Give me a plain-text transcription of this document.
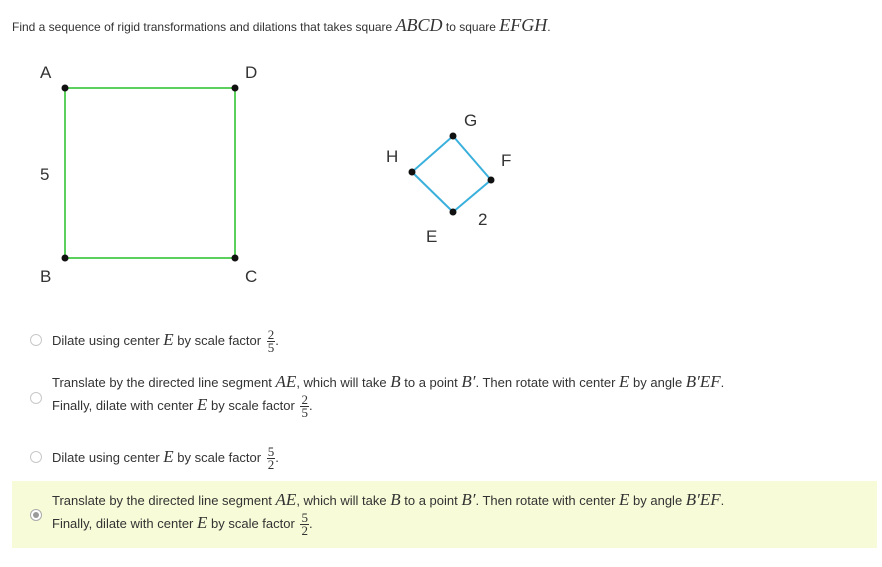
Find a sequence of rigid transformations and dilations that takes square ABCD to square EFGH.
A	D
B	C
5
E
F
G
H
2
Dilate using center E by scale factor $\frac{2}{5}$ .
Translate by the directed line segment AE, which will take B to a point B′. Then rotate with center E by angle B′EF.
Finally, dilate with center E by scale factor $\frac{2}{5}$ .
Dilate using center E by scale factor $\frac{5}{2}$ .
Translate by the directed line segment AE, which will take B to a point B′. Then rotate with center E by angle B′EF.
Finally, dilate with center E by scale factor $\frac{5}{2}$ .
